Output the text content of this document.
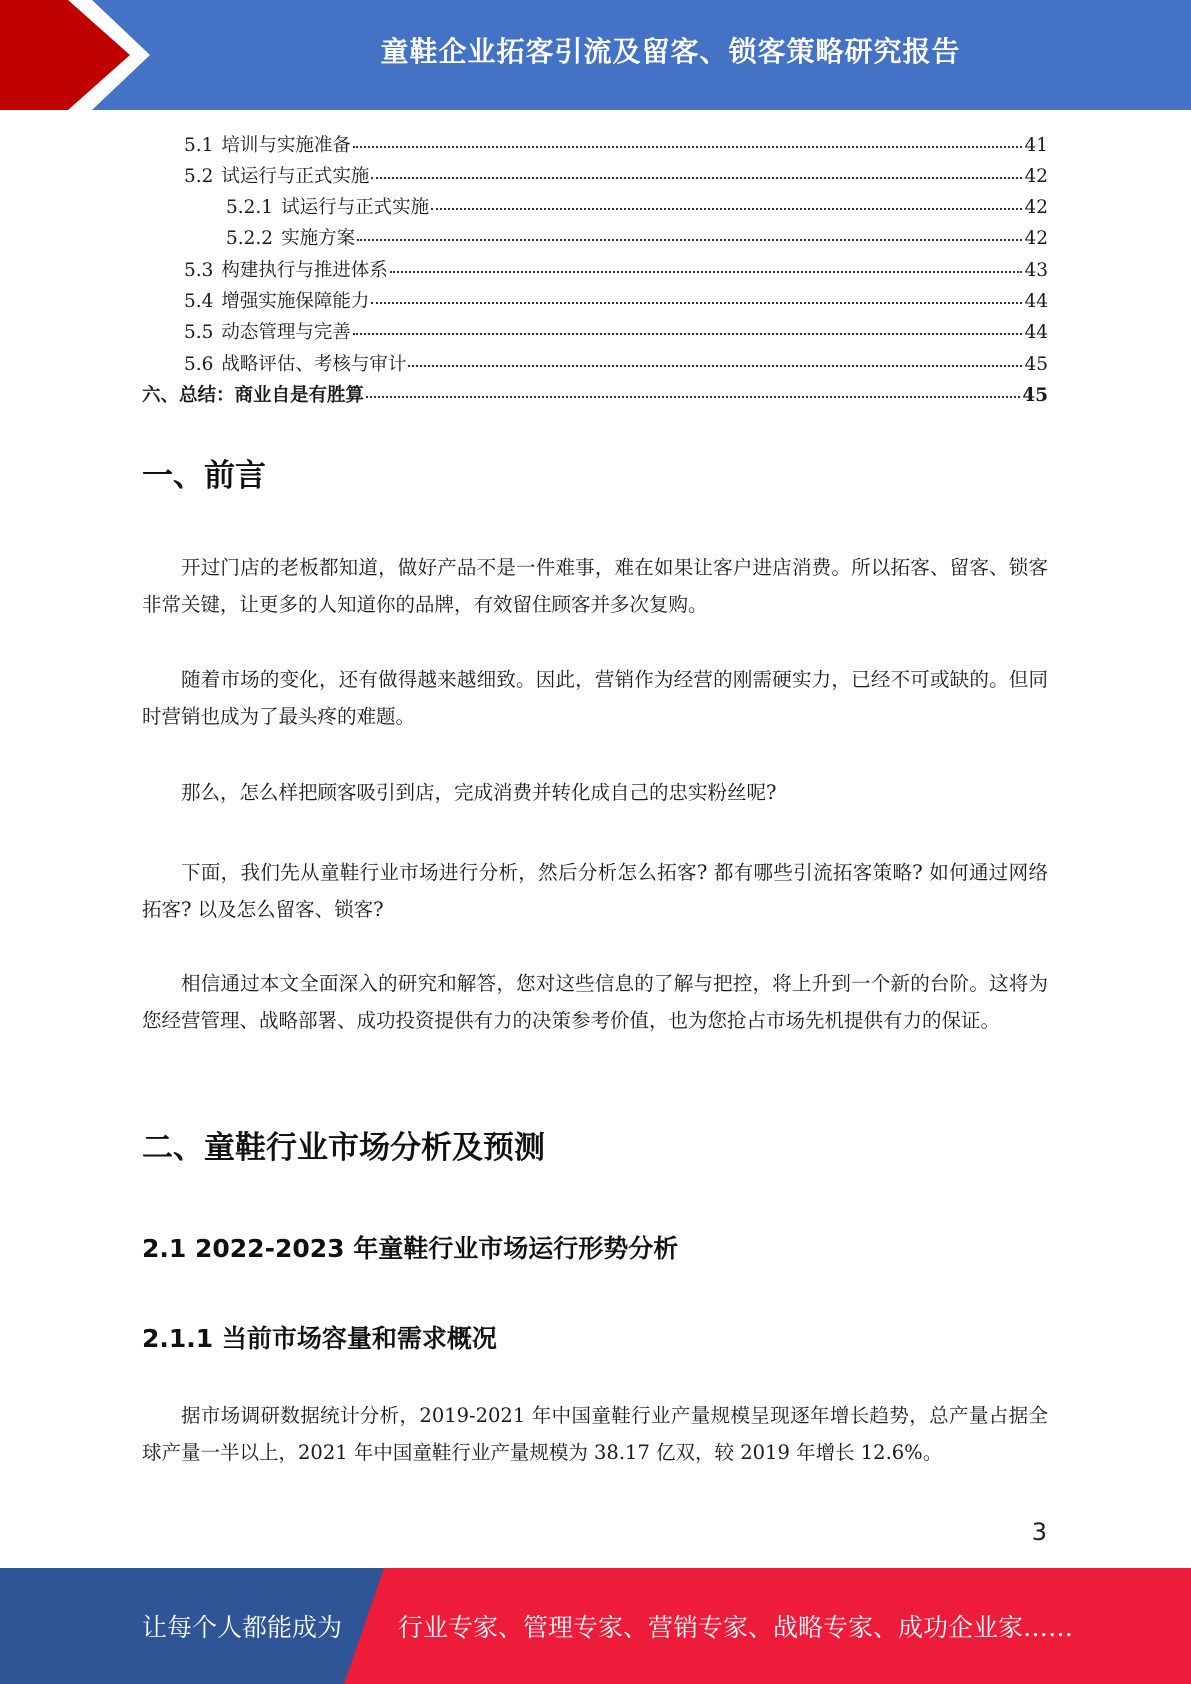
童鞋企业拓客引流及留客、锁客策略研究报告
5.1 培训与实施准备	41
5.2 试运行与正式实施	42
5.2.1 试运行与正式实施	42
5.2.2 实施方案	42
5.3 构建执行与推进体系	43
5.4 增强实施保障能力	44
5.5 动态管理与完善	44
5.6 战略评估、考核与审计	45
六、总结：商业自是有胜算	45
一、前言
开过门店的老板都知道，做好产品不是一件难事，难在如果让客户进店消费。所以拓客、留客、锁客非常关键，让更多的人知道你的品牌，有效留住顾客并多次复购。
随着市场的变化，还有做得越来越细致。因此，营销作为经营的刚需硬实力，已经不可或缺的。但同时营销也成为了最头疼的难题。
那么，怎么样把顾客吸引到店，完成消费并转化成自己的忠实粉丝呢?
下面，我们先从童鞋行业市场进行分析，然后分析怎么拓客? 都有哪些引流拓客策略? 如何通过网络拓客? 以及怎么留客、锁客?
相信通过本文全面深入的研究和解答，您对这些信息的了解与把控，将上升到一个新的台阶。这将为您经营管理、战略部署、成功投资提供有力的决策参考价值，也为您抢占市场先机提供有力的保证。
二、童鞋行业市场分析及预测
2.1 2022-2023 年童鞋行业市场运行形势分析
2.1.1 当前市场容量和需求概况
据市场调研数据统计分析，2019-2021 年中国童鞋行业产量规模呈现逐年增长趋势，总产量占据全球产量一半以上，2021 年中国童鞋行业产量规模为 38.17 亿双，较 2019 年增长 12.6%。
3
让每个人都能成为 行业专家、管理专家、营销专家、战略专家、成功企业家……
